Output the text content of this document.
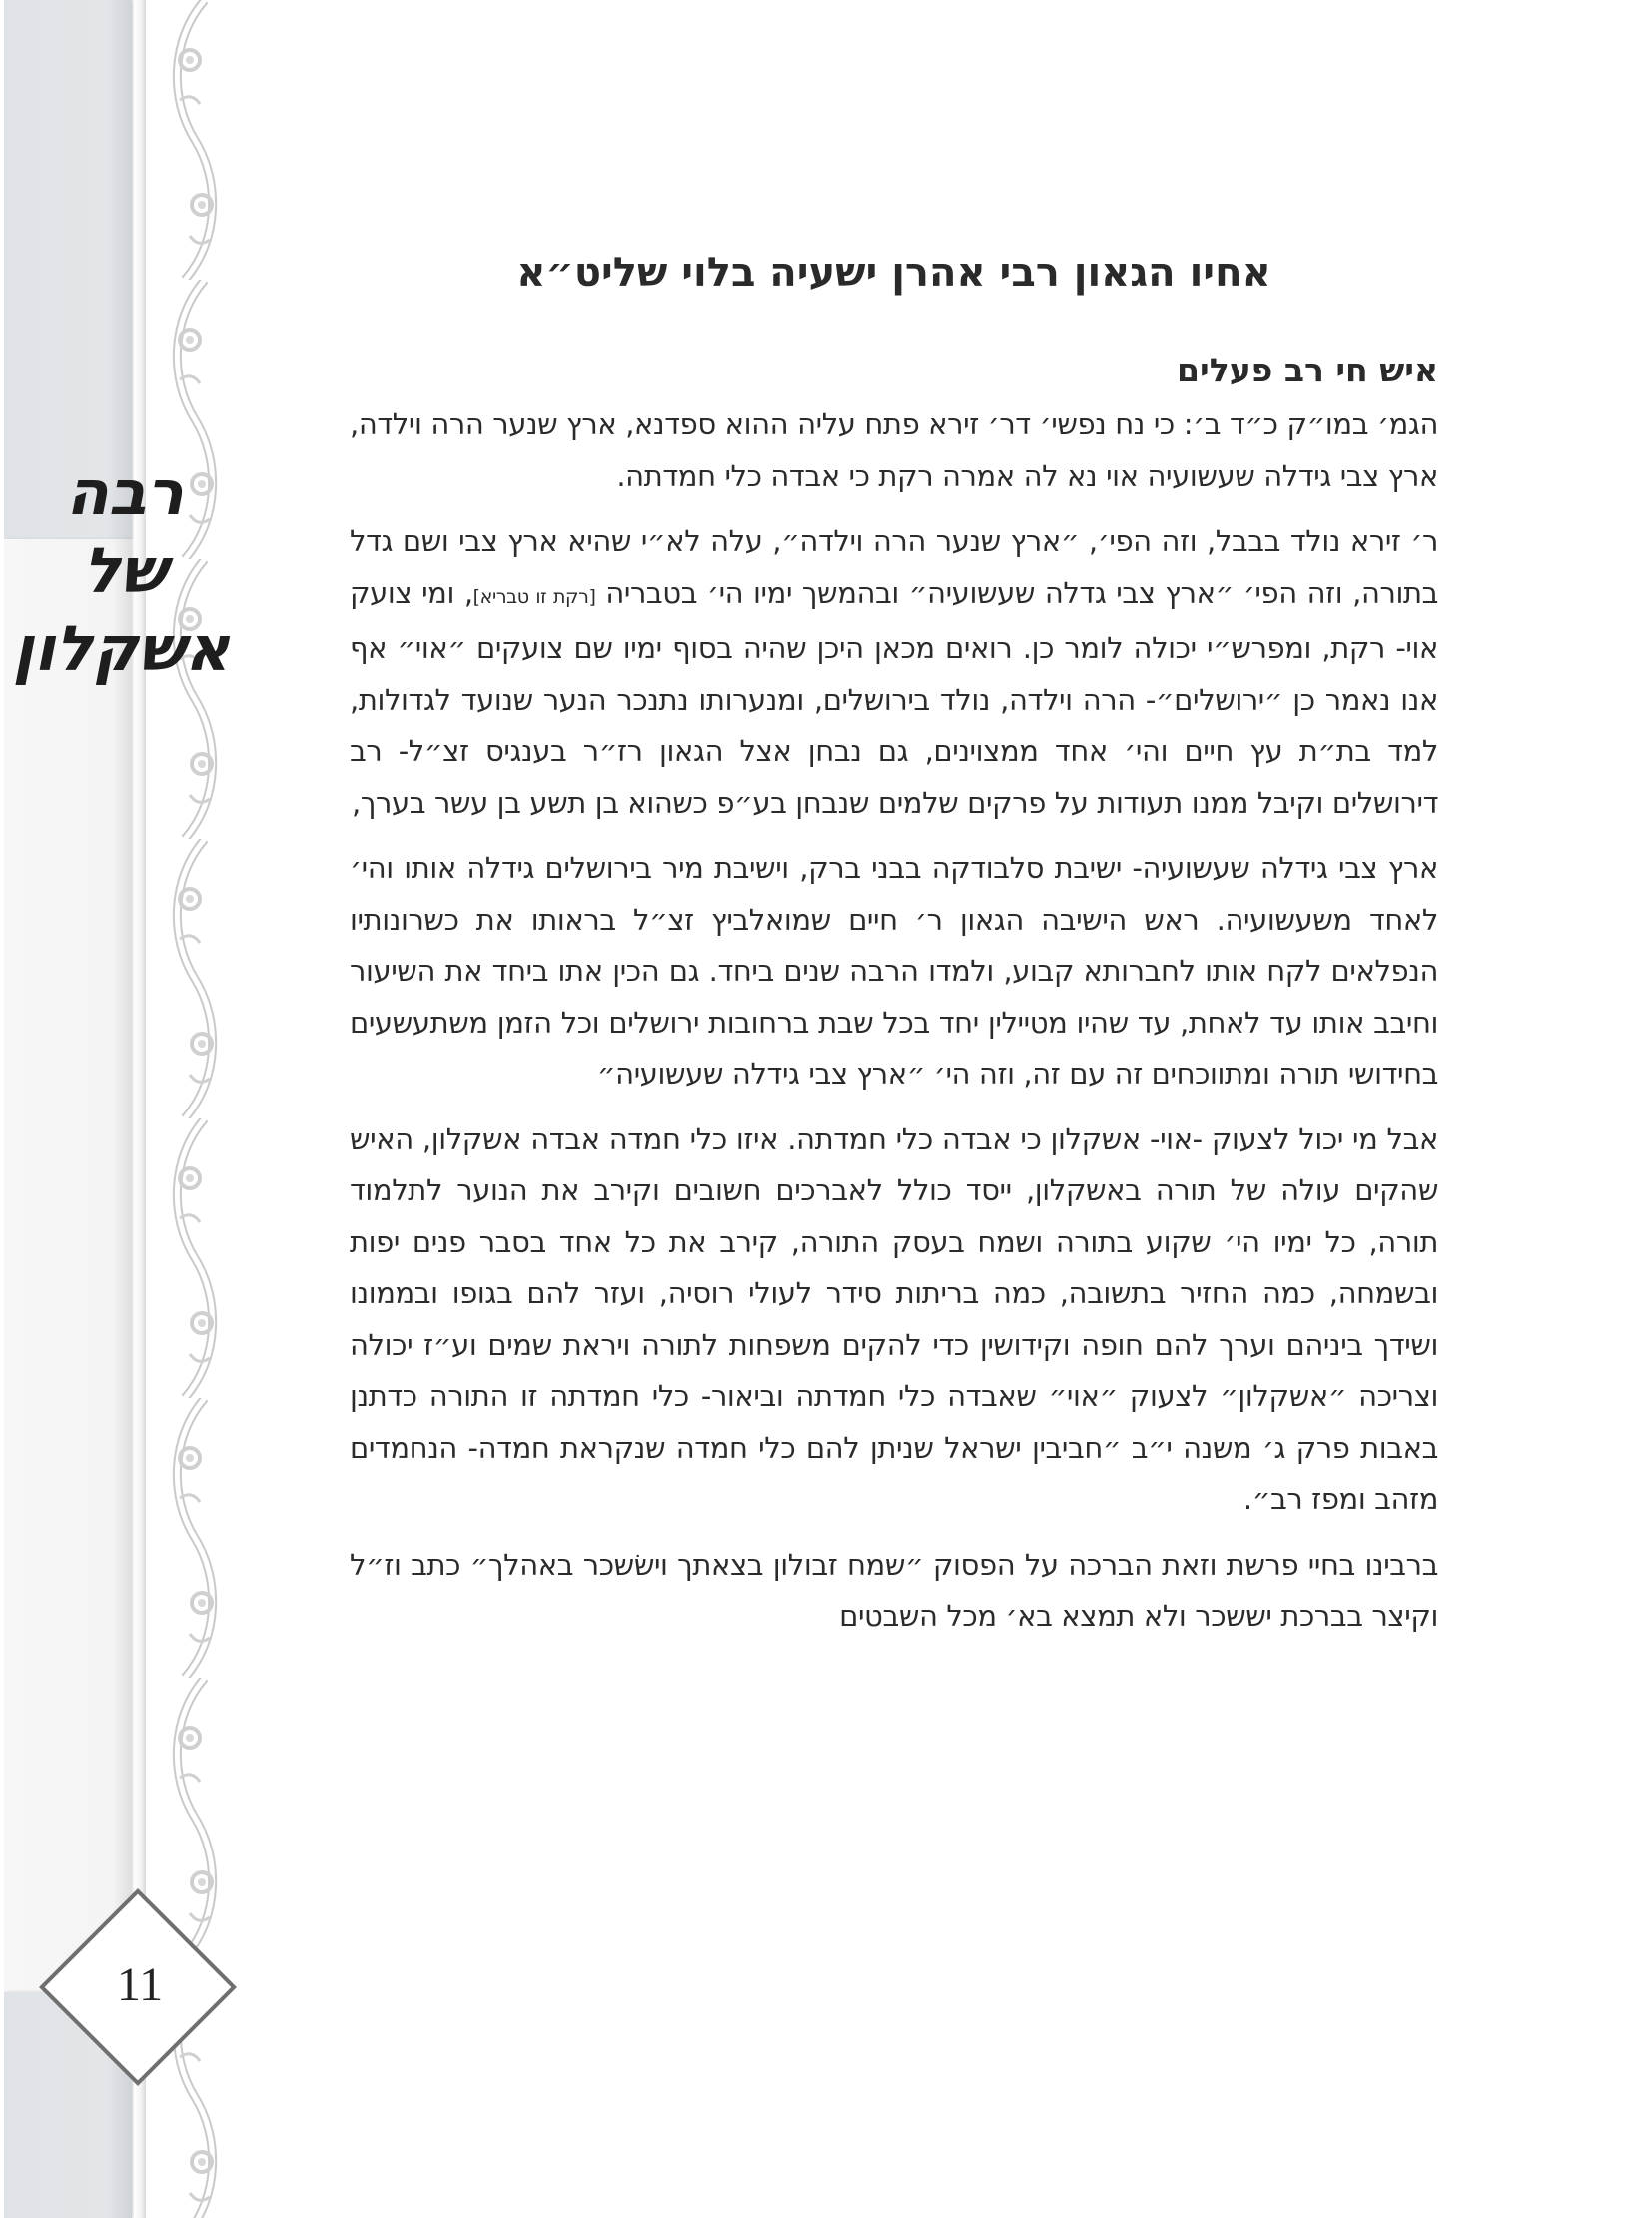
רבה
של
אשקלון
11
אחיו הגאון רבי אהרן ישעיה בלוי שליט״א
איש חי רב פעלים

הגמ׳ במו״ק כ״ד ב׳: כי נח נפשי׳ דר׳ זירא פתח עליה ההוא ספדנא, ארץ שנער הרה וילדה, ארץ צבי גידלה שעשועיה אוי נא לה אמרה רקת כי אבדה כלי חמדתה.

ר׳ זירא נולד בבבל, וזה הפי׳, ״ארץ שנער הרה וילדה״, עלה לא״י שהיא ארץ צבי ושם גדל בתורה, וזה הפי׳ ״ארץ צבי גדלה שעשועיה״ ובהמשך ימיו הי׳ בטבריה [רקת זו טבריא], ומי צועק אוי- רקת, ומפרש״י יכולה לומר כן. רואים מכאן היכן שהיה בסוף ימיו שם צועקים ״אוי״ אף אנו נאמר כן ״ירושלים״- הרה וילדה, נולד בירושלים, ומנערותו נתנכר הנער שנועד לגדולות, למד בת״ת עץ חיים והי׳ אחד ממצוינים, גם נבחן אצל הגאון רז״ר בענגיס זצ״ל- רב דירושלים וקיבל ממנו תעודות על פרקים שלמים שנבחן בע״פ כשהוא בן תשע בן עשר בערך,

ארץ צבי גידלה שעשועיה- ישיבת סלבודקה בבני ברק, וישיבת מיר בירושלים גידלה אותו והי׳ לאחד משעשועיה. ראש הישיבה הגאון ר׳ חיים שמואלביץ זצ״ל בראותו את כשרונותיו הנפלאים לקח אותו לחברותא קבוע, ולמדו הרבה שנים ביחד. גם הכין אתו ביחד את השיעור וחיבב אותו עד לאחת, עד שהיו מטיילין יחד בכל שבת ברחובות ירושלים וכל הזמן משתעשעים בחידושי תורה ומתווכחים זה עם זה, וזה הי׳ ״ארץ צבי גידלה שעשועיה״

אבל מי יכול לצעוק -אוי- אשקלון כי אבדה כלי חמדתה. איזו כלי חמדה אבדה אשקלון, האיש שהקים עולה של תורה באשקלון, ייסד כולל לאברכים חשובים וקירב את הנוער לתלמוד תורה, כל ימיו הי׳ שקוע בתורה ושמח בעסק התורה, קירב את כל אחד בסבר פנים יפות ובשמחה, כמה החזיר בתשובה, כמה בריתות סידר לעולי רוסיה, ועזר להם בגופו ובממונו ושידך ביניהם וערך להם חופה וקידושין כדי להקים משפחות לתורה ויראת שמים וע״ז יכולה וצריכה ״אשקלון״ לצעוק ״אוי״ שאבדה כלי חמדתה וביאור- כלי חמדתה זו התורה כדתנן באבות פרק ג׳ משנה י״ב ״חביבין ישראל שניתן להם כלי חמדה שנקראת חמדה- הנחמדים מזהב ומפז רב״.

ברבינו בחיי פרשת וזאת הברכה על הפסוק ״שמח זבולון בצאתך וישׂשכר באהלך״ כתב וז״ל וקיצר בברכת יששכר ולא תמצא בא׳ מכל השבטים
